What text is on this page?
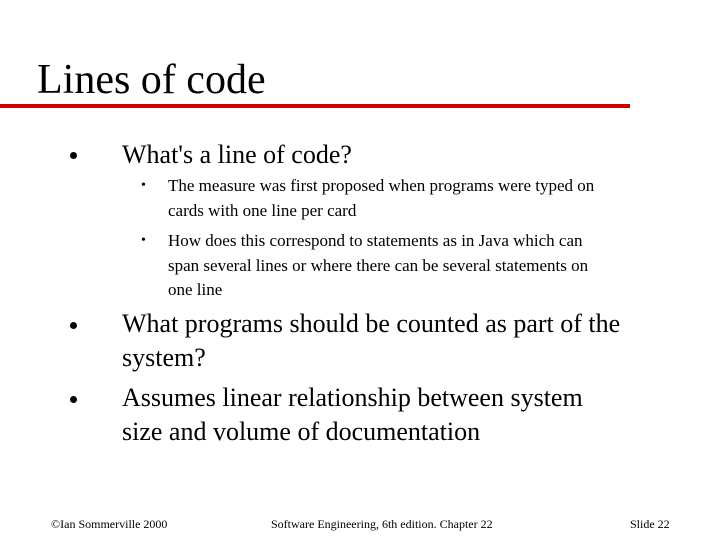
Lines of code
What's a line of code?
• The measure was first proposed when programs were typed on
cards with one line per card
• How does this correspond to statements as in Java which can
span several lines or where there can be several statements on
one line
What programs should be counted as part of the
system?
Assumes linear relationship between system
size and volume of documentation
©Ian Sommerville 2000	Software Engineering, 6th edition. Chapter 22	Slide 22
